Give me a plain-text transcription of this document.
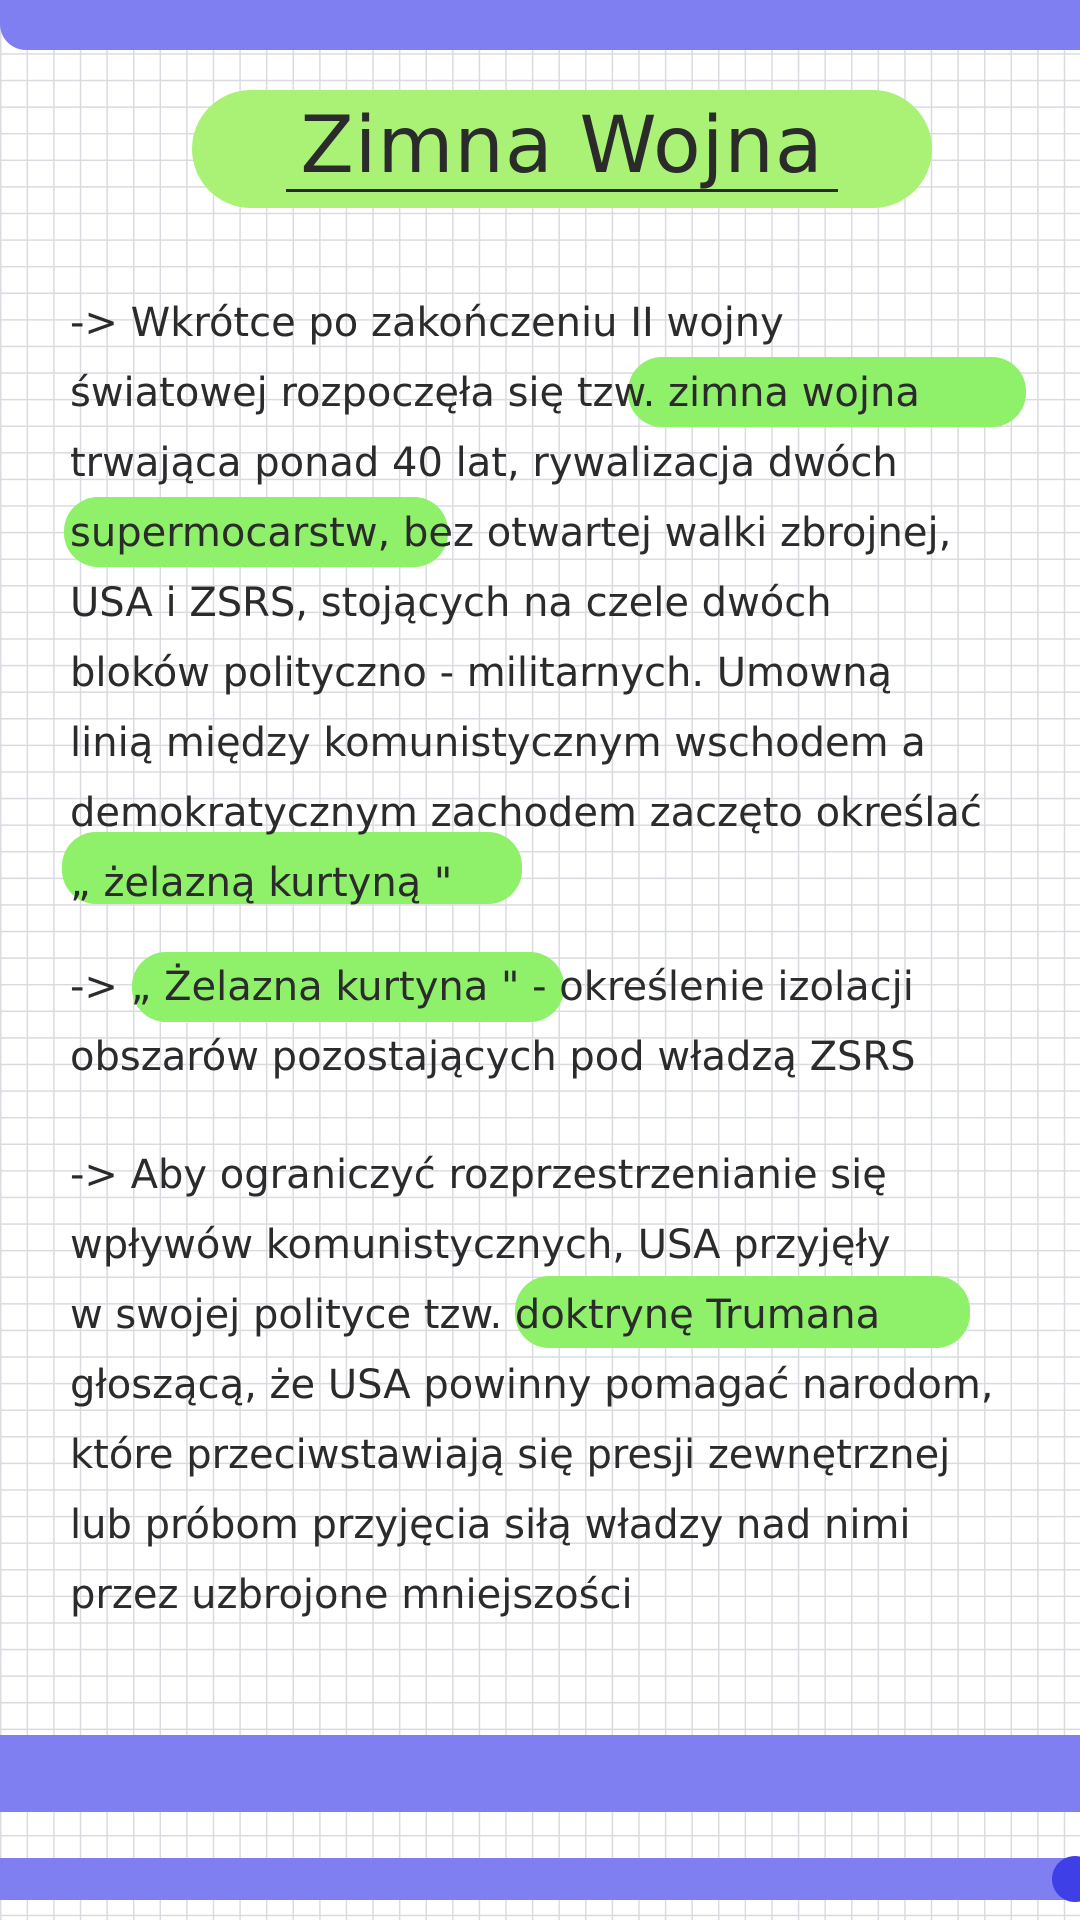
Zimna Wojna
-> Wkrótce po zakończeniu II wojny
światowej rozpoczęła się tzw. zimna wojna
trwająca ponad 40 lat, rywalizacja dwóch
supermocarstw, bez otwartej walki zbrojnej,
USA i ZSRS, stojących na czele dwóch
bloków polityczno - militarnych. Umowną
linią między komunistycznym wschodem a
demokratycznym zachodem zaczęto określać
„ żelazną kurtyną "
-> „ Żelazna kurtyna " - określenie izolacji
obszarów pozostających pod władzą ZSRS
-> Aby ograniczyć rozprzestrzenianie się
wpływów komunistycznych, USA przyjęły
w swojej polityce tzw. doktrynę Trumana
głoszącą, że USA powinny pomagać narodom,
które przeciwstawiają się presji zewnętrznej
lub próbom przyjęcia siłą władzy nad nimi
przez uzbrojone mniejszości
